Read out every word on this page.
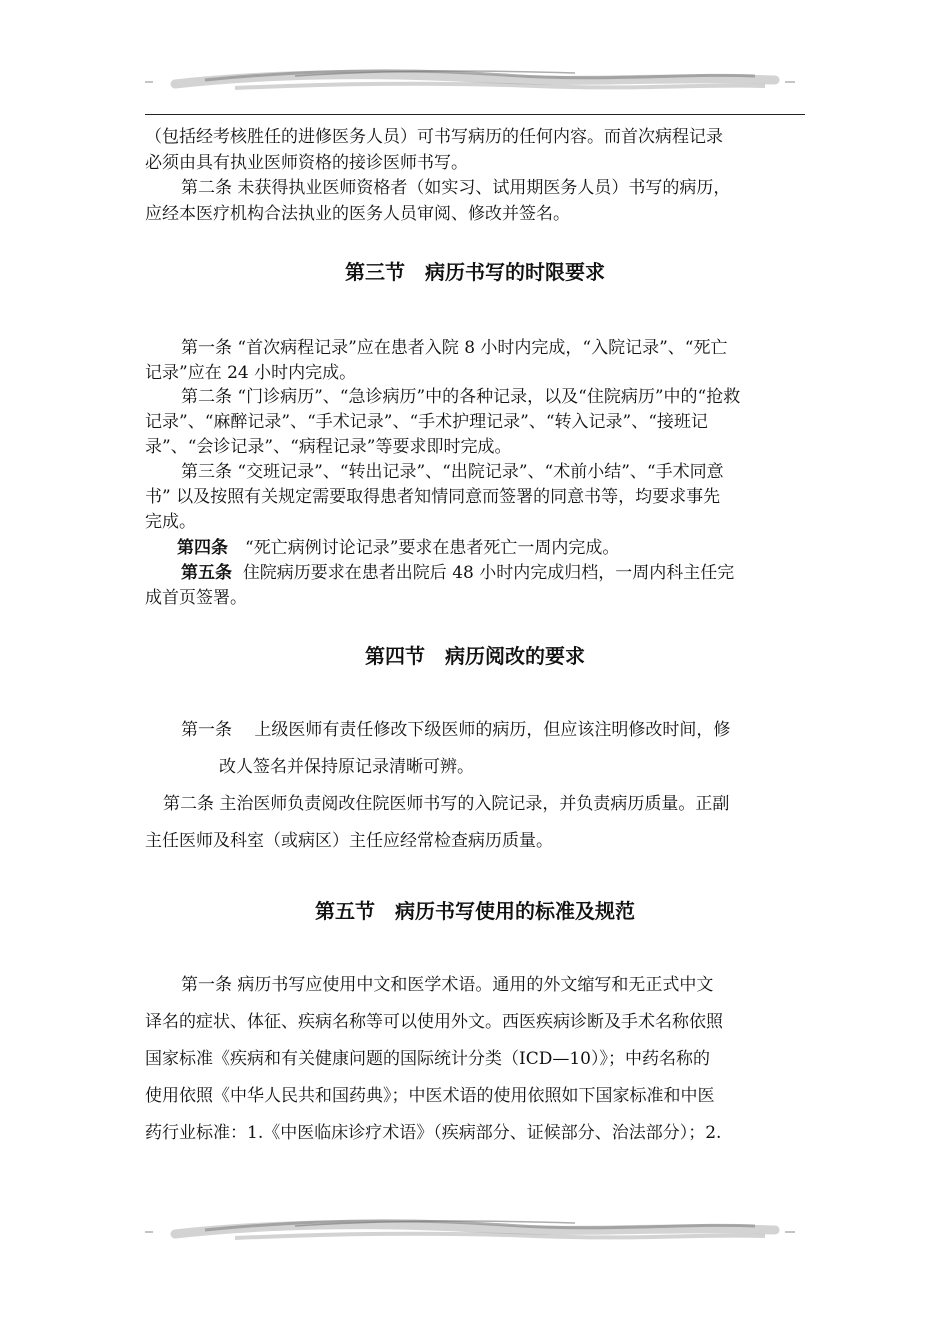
（包括经考核胜任的进修医务人员）可书写病历的任何内容。而首次病程记录

必须由具有执业医师资格的接诊医师书写。

第二条 未获得执业医师资格者（如实习、试用期医务人员）书写的病历，

应经本医疗机构合法执业的医务人员审阅、修改并签名。

第三节　病历书写的时限要求

第一条 “首次病程记录”应在患者入院 8 小时内完成，“入院记录”、“死亡

记录”应在 24 小时内完成。

第二条 “门诊病历”、“急诊病历”中的各种记录，以及“住院病历”中的“抢救

记录”、“麻醉记录”、“手术记录”、“手术护理记录”、“转入记录”、“接班记

录”、“会诊记录”、“病程记录”等要求即时完成。

第三条 “交班记录”、“转出记录”、“出院记录”、“术前小结”、“手术同意

书” 以及按照有关规定需要取得患者知情同意而签署的同意书等，均要求事先

完成。

第四条　“死亡病例讨论记录”要求在患者死亡一周内完成。

第五条 住院病历要求在患者出院后 48 小时内完成归档，一周内科主任完

成首页签署。

第四节　病历阅改的要求

第一条　 上级医师有责任修改下级医师的病历，但应该注明修改时间，修

改人签名并保持原记录清晰可辨。

第二条 主治医师负责阅改住院医师书写的入院记录，并负责病历质量。正副

主任医师及科室（或病区）主任应经常检查病历质量。

第五节　病历书写使用的标准及规范

第一条 病历书写应使用中文和医学术语。通用的外文缩写和无正式中文

译名的症状、体征、疾病名称等可以使用外文。西医疾病诊断及手术名称依照

国家标准《疾病和有关健康问题的国际统计分类（ICD—10）》；中药名称的

使用依照《中华人民共和国药典》；中医术语的使用依照如下国家标准和中医

药行业标准：1.《中医临床诊疗术语》（疾病部分、证候部分、治法部分）；2.
